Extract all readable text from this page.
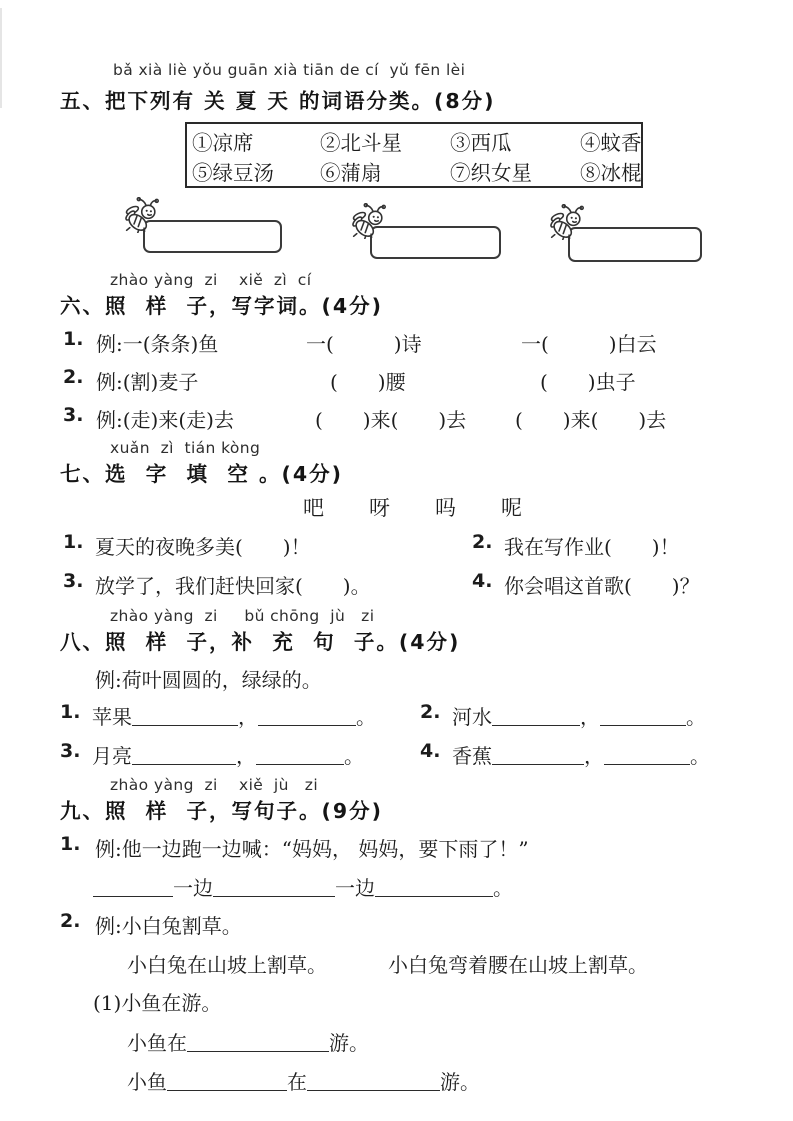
bǎ xià liè yǒu guān xià tiān de cí  yǔ fēn lèi
五、把下列有 关 夏 天 的词语分类。(8分)
①凉席	②北斗星	③西瓜	④蚊香
⑤绿豆汤	⑥蒲扇	⑦织女星	⑧冰棍
zhào yàng  zi    xiě  zì  cí
六、照  样  子，写字词。(4分)
1. 例:一(条条)鱼	一(　　　)诗	一(　　　)白云
2. 例:(割)麦子	(　　)腰	(　　)虫子
3. 例:(走)来(走)去	(　　)来(　　)去 (　　)来(　　)去
xuǎn  zì  tián kòng
七、选  字  填  空 。(4分)
吧 呀 吗 呢
1. 夏天的夜晚多美(　　)！	2. 我在写作业(　　)！
3. 放学了，我们赶快回家(　　)。	4. 你会唱这首歌(　　)？
zhào yàng  zi     bǔ chōng  jù   zi
八、照  样  子，补  充  句  子。(4分)
例:荷叶圆圆的，绿绿的。
1. 苹果	，	。 2. 河水	，	。
3. 月亮	，	。	4. 香蕉	，	。
zhào yàng  zi    xiě  jù   zi
九、照  样  子，写句子。(9分)
1. 例:他一边跑一边喊：“妈妈， 妈妈，要下雨了！”
一边	一边	。
2. 例:小白兔割草。
小白兔在山坡上割草。	小白兔弯着腰在山坡上割草。
(1)小鱼在游。
小鱼在	游。
小鱼	在	游。
